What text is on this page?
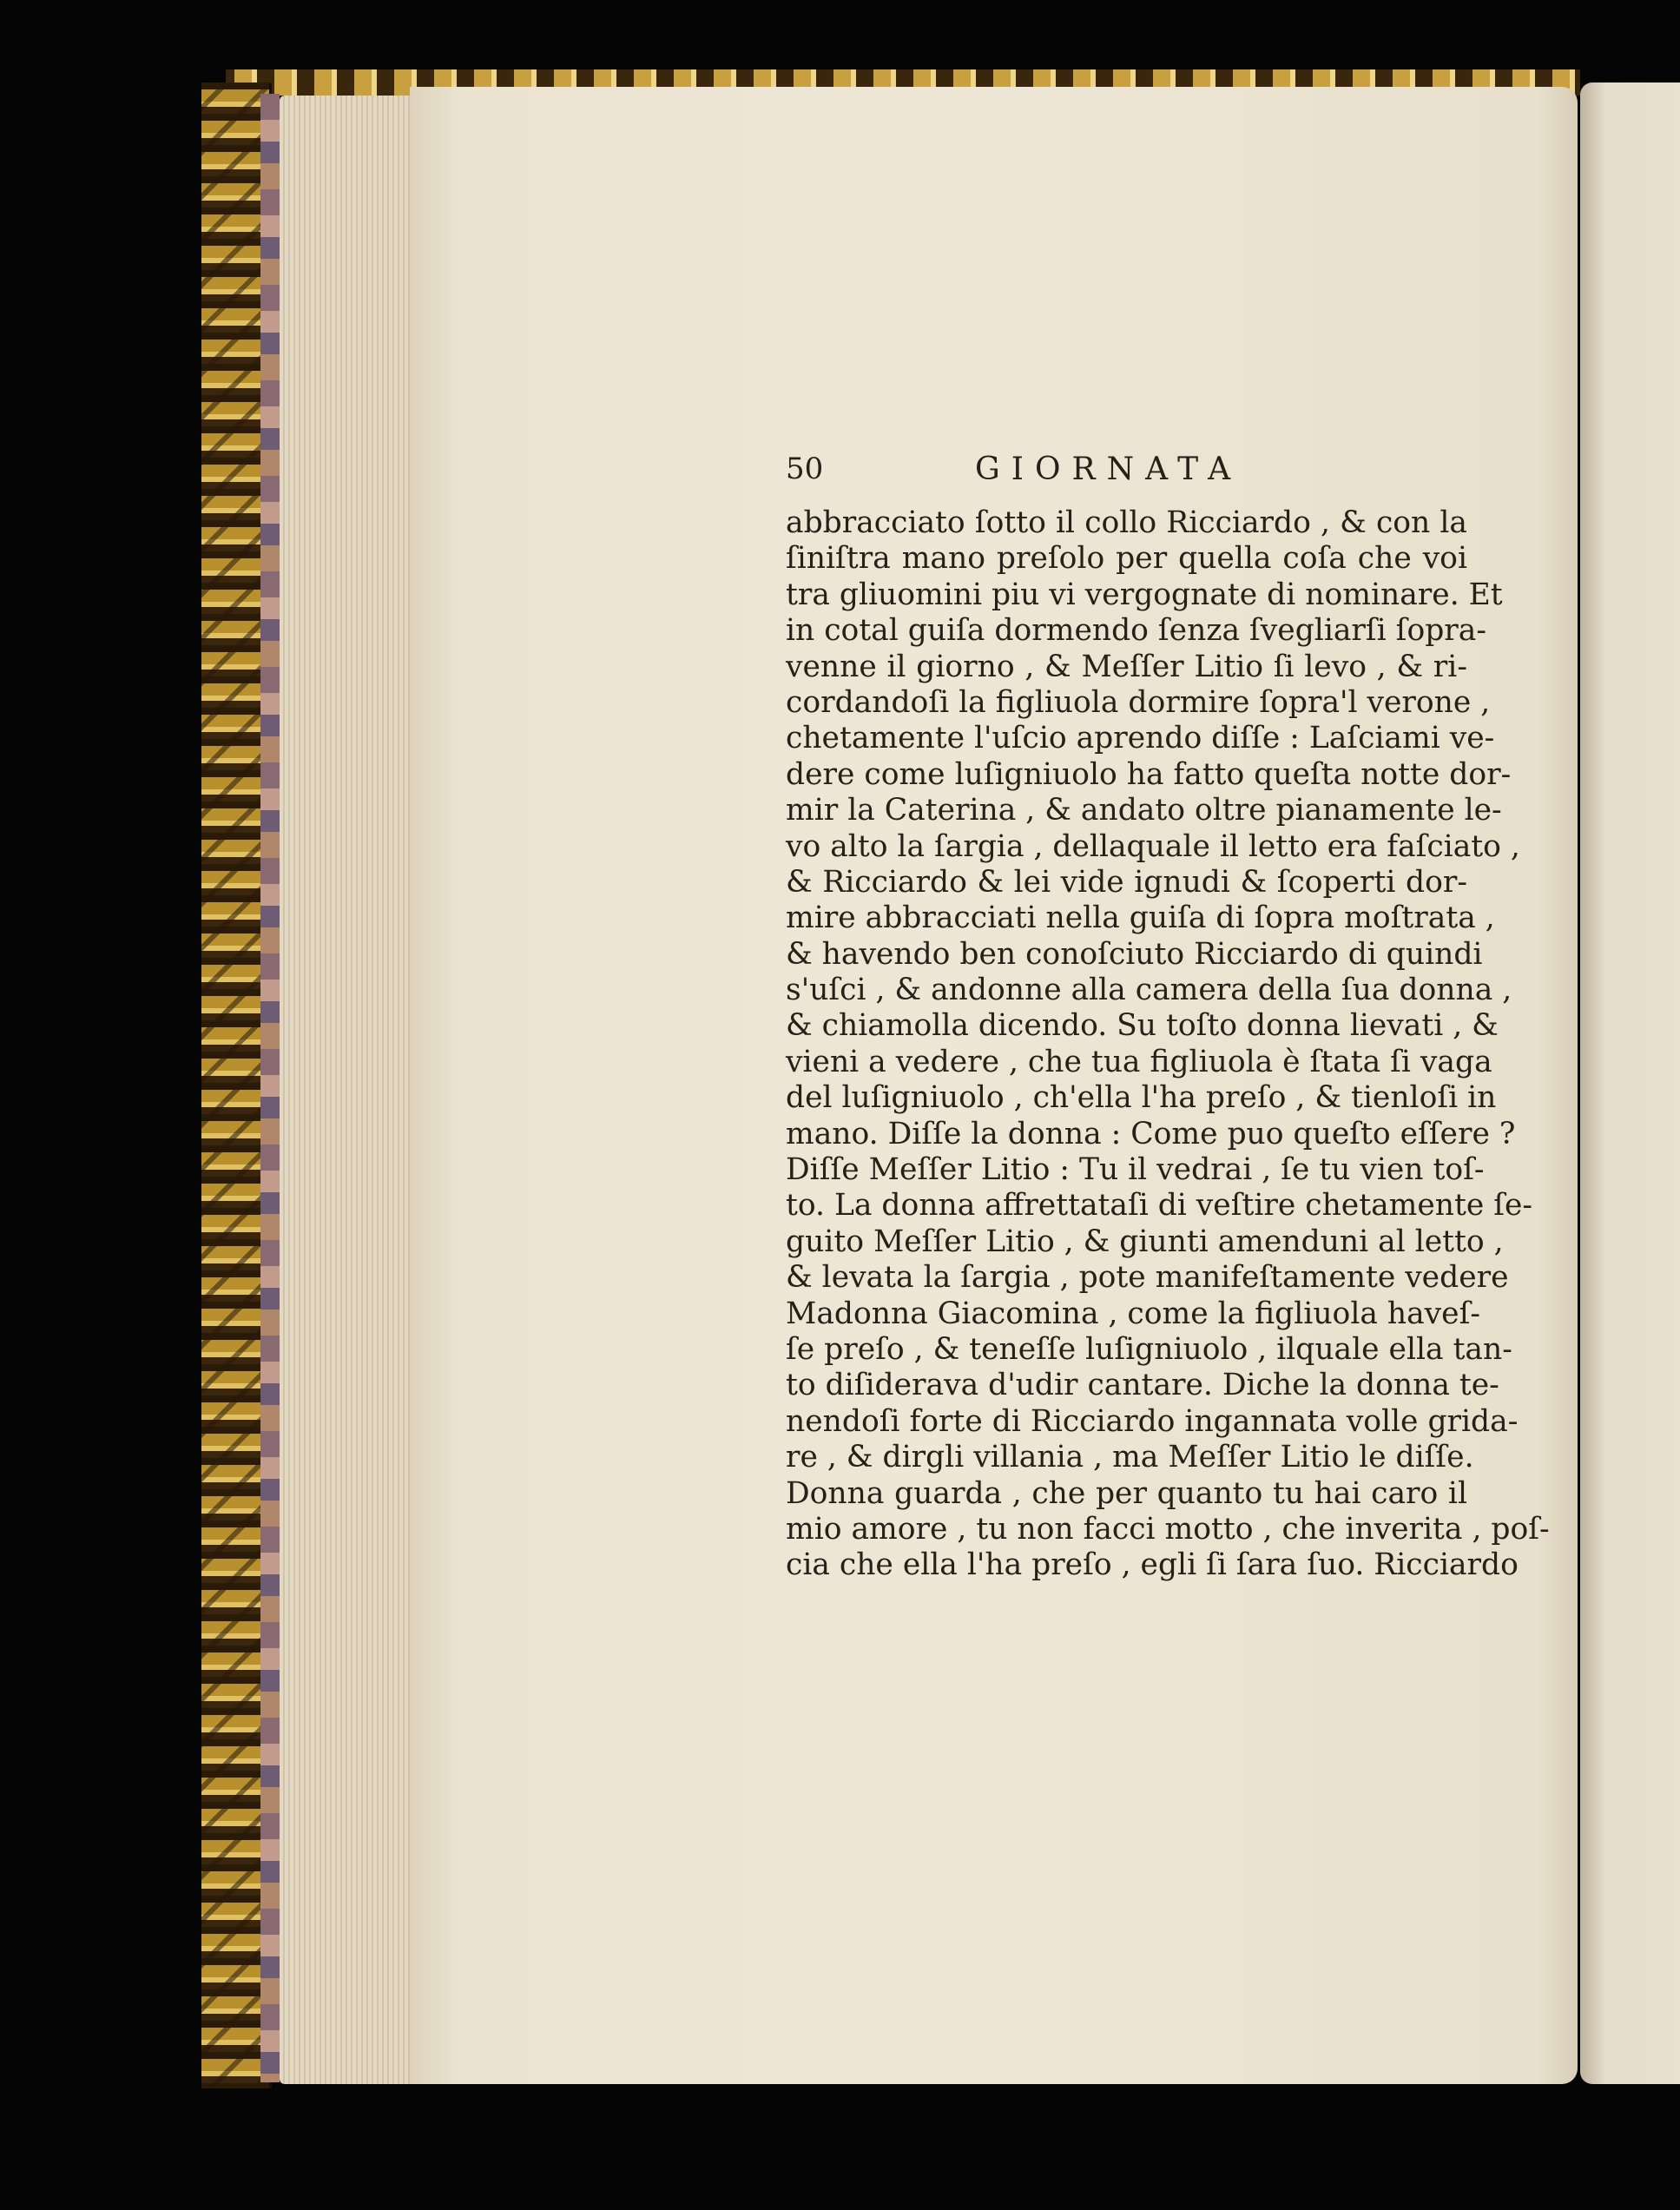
50	GIORNATA
abbracciato ſotto il collo Ricciardo , & con la
ſiniſtra mano preſolo per quella coſa che voi
tra gliuomini piu vi vergognate di nominare. Et
in cotal guiſa dormendo ſenza ſvegliarſi ſopra-
venne il giorno , & Meſſer Litio ſi levo , & ri-
cordandoſi la figliuola dormire ſopra'l verone ,
chetamente l'uſcio aprendo diſſe : Laſciami ve-
dere come luſigniuolo ha fatto queſta notte dor-
mir la Caterina , & andato oltre pianamente le-
vo alto la ſargia , dellaquale il letto era faſciato ,
& Ricciardo & lei vide ignudi & ſcoperti dor-
mire abbracciati nella guiſa di ſopra moſtrata ,
& havendo ben conoſciuto Ricciardo di quindi
s'uſci , & andonne alla camera della ſua donna ,
& chiamolla dicendo. Su toſto donna lievati , &
vieni a vedere , che tua figliuola è ſtata ſi vaga
del luſigniuolo , ch'ella l'ha preſo , & tienloſi in
mano. Diſſe la donna : Come puo queſto eſſere ?
Diſſe Meſſer Litio : Tu il vedrai , ſe tu vien toſ-
to. La donna affrettataſi di veſtire chetamente ſe-
guito Meſſer Litio , & giunti amenduni al letto ,
& levata la ſargia , pote manifeſtamente vedere
Madonna Giacomina , come la figliuola haveſ-
ſe preſo , & teneſſe luſigniuolo , ilquale ella tan-
to diſiderava d'udir cantare. Diche la donna te-
nendoſi forte di Ricciardo ingannata volle grida-
re , & dirgli villania , ma Meſſer Litio le diſſe.
Donna guarda , che per quanto tu hai caro il
mio amore , tu non facci motto , che inverita , poſ-
cia che ella l'ha preſo , egli ſi ſara ſuo. Ricciardo
